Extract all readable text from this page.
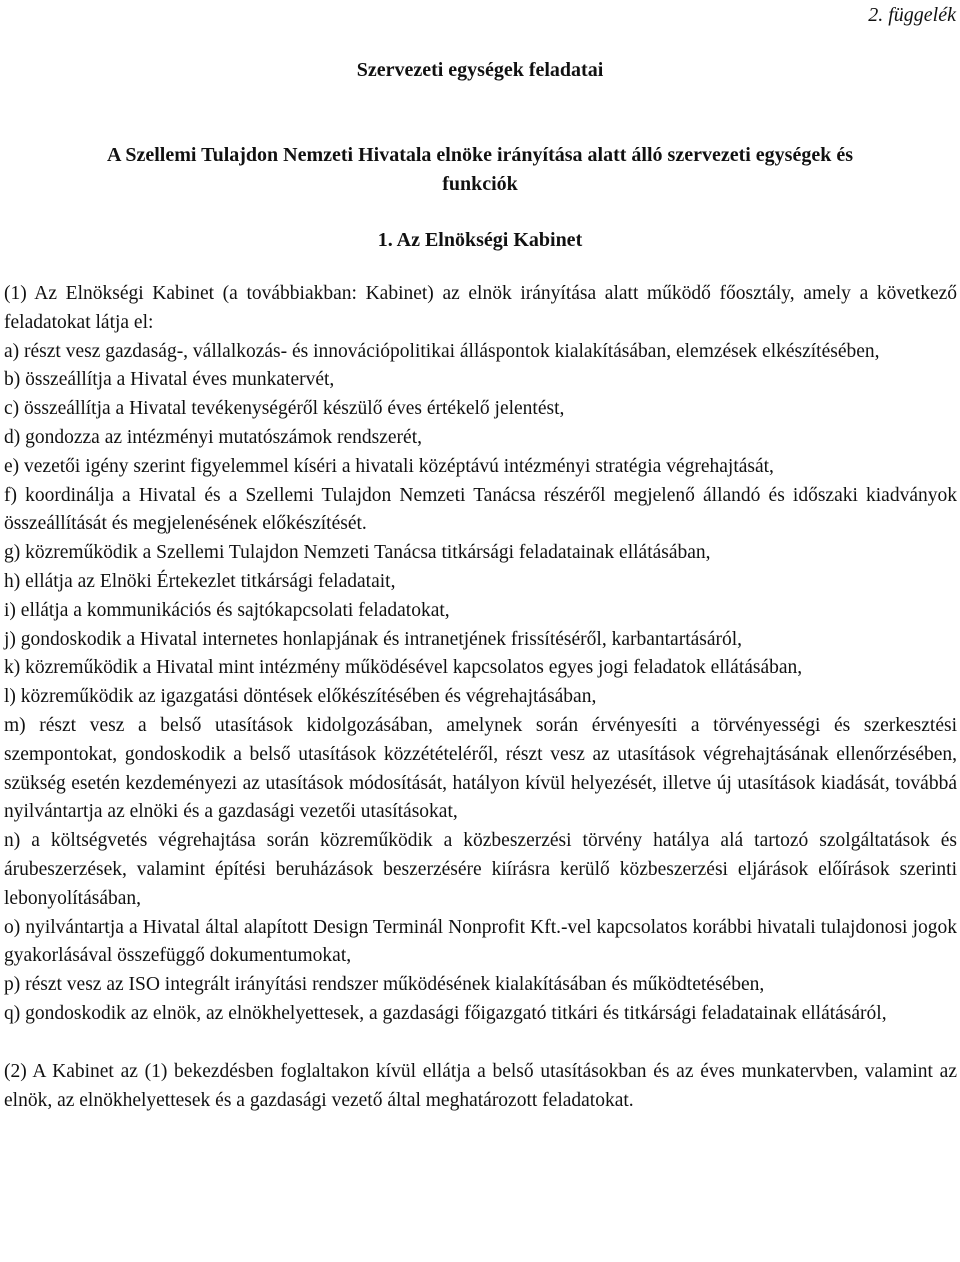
2. függelék
Szervezeti egységek feladatai
A Szellemi Tulajdon Nemzeti Hivatala elnöke irányítása alatt álló szervezeti egységek és funkciók
1. Az Elnökségi Kabinet

(1) Az Elnökségi Kabinet (a továbbiakban: Kabinet) az elnök irányítása alatt működő főosztály, amely a következő feladatokat látja el:

a) részt vesz gazdaság-, vállalkozás- és innovációpolitikai álláspontok kialakításában, elemzések elkészítésében,

b) összeállítja a Hivatal éves munkatervét,

c) összeállítja a Hivatal tevékenységéről készülő éves értékelő jelentést,

d) gondozza az intézményi mutatószámok rendszerét,

e) vezetői igény szerint figyelemmel kíséri a hivatali középtávú intézményi stratégia végrehajtását,

f) koordinálja a Hivatal és a Szellemi Tulajdon Nemzeti Tanácsa részéről megjelenő állandó és időszaki kiadványok összeállítását és megjelenésének előkészítését.

g) közreműködik a Szellemi Tulajdon Nemzeti Tanácsa titkársági feladatainak ellátásában,

h) ellátja az Elnöki Értekezlet titkársági feladatait,

i) ellátja a kommunikációs és sajtókapcsolati feladatokat,

j) gondoskodik a Hivatal internetes honlapjának és intranetjének frissítéséről, karbantartásáról,

k) közreműködik a Hivatal mint intézmény működésével kapcsolatos egyes jogi feladatok ellátásában,

l) közreműködik az igazgatási döntések előkészítésében és végrehajtásában,

m) részt vesz a belső utasítások kidolgozásában, amelynek során érvényesíti a törvényességi és szerkesztési szempontokat, gondoskodik a belső utasítások közzétételéről, részt vesz az utasítások végrehajtásának ellenőrzésében, szükség esetén kezdeményezi az utasítások módosítását, hatályon kívül helyezését, illetve új utasítások kiadását, továbbá nyilvántartja az elnöki és a gazdasági vezetői utasításokat,

n) a költségvetés végrehajtása során közreműködik a közbeszerzési törvény hatálya alá tartozó szolgáltatások és árubeszerzések, valamint építési beruházások beszerzésére kiírásra kerülő közbeszerzési eljárások előírások szerinti lebonyolításában,

o) nyilvántartja a Hivatal által alapított Design Terminál Nonprofit Kft.-vel kapcsolatos korábbi hivatali tulajdonosi jogok gyakorlásával összefüggő dokumentumokat,

p) részt vesz az ISO integrált irányítási rendszer működésének kialakításában és működtetésében,

q) gondoskodik az elnök, az elnökhelyettesek, a gazdasági főigazgató titkári és titkársági feladatainak ellátásáról,

(2) A Kabinet az (1) bekezdésben foglaltakon kívül ellátja a belső utasításokban és az éves munkatervben, valamint az elnök, az elnökhelyettesek és a gazdasági vezető által meghatározott feladatokat.
